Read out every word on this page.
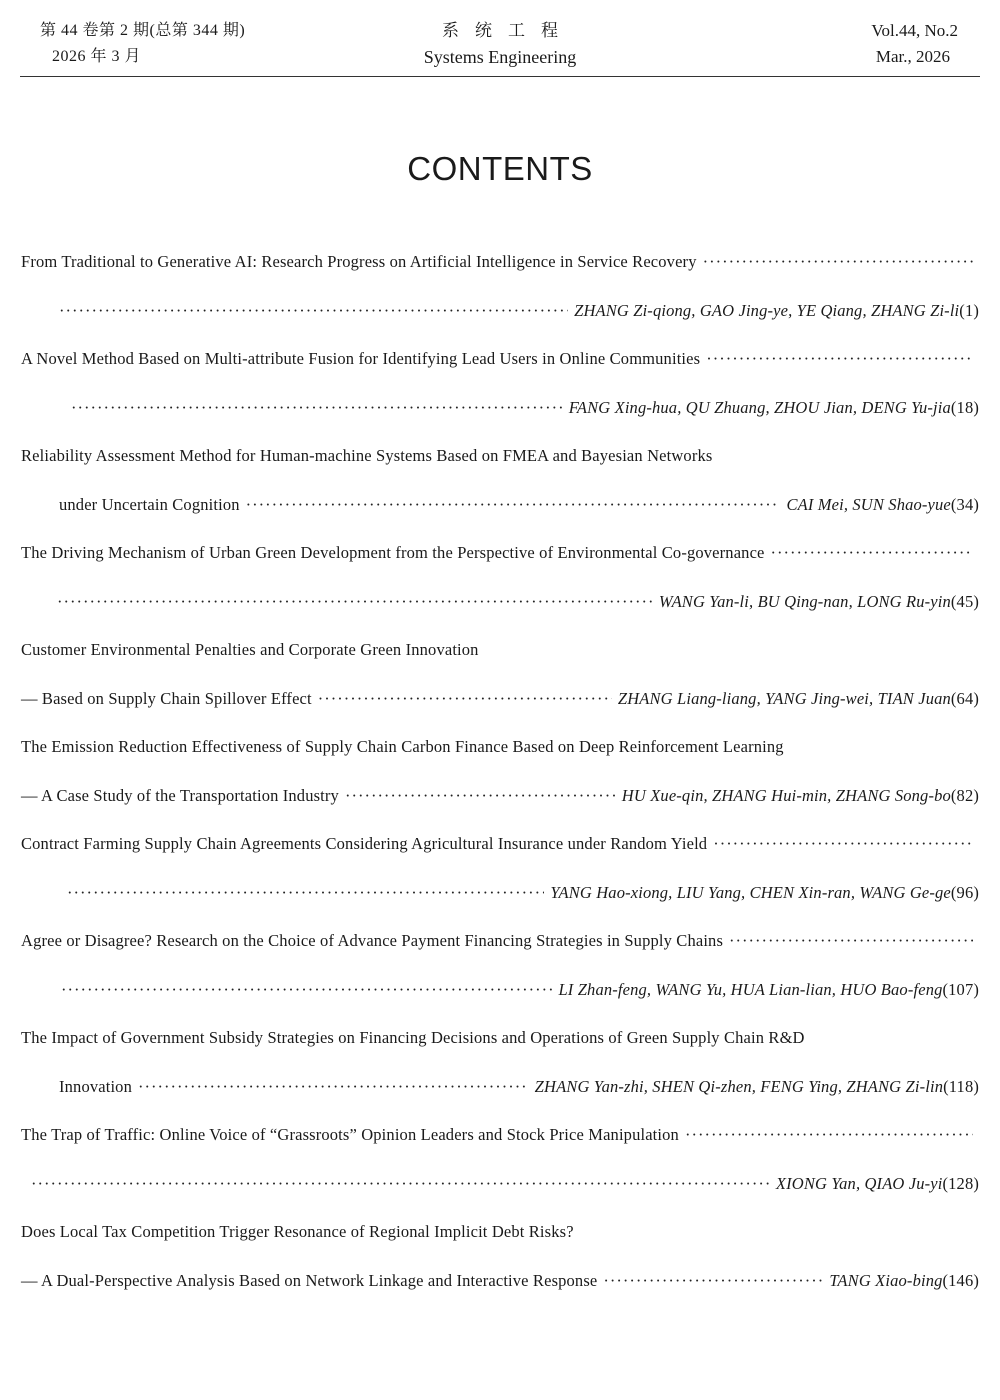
第 44 卷第 2 期(总第 344 期)
2026 年 3 月
系统工程
Systems Engineering
Vol.44, No.2
Mar., 2026
CONTENTS
From Traditional to Generative AI: Research Progress on Artificial Intelligence in Service Recovery
·····
·····
ZHANG Zi-qiong, GAO Jing-ye, YE Qiang, ZHANG Zi-li (1)
A Novel Method Based on Multi-attribute Fusion for Identifying Lead Users in Online Communities
·····
·····
FANG Xing-hua, QU Zhuang, ZHOU Jian, DENG Yu-jia (18)
Reliability Assessment Method for Human-machine Systems Based on FMEA and Bayesian Networks
under Uncertain Cognition ·····	CAI Mei, SUN Shao-yue (34)
The Driving Mechanism of Urban Green Development from the Perspective of Environmental Co-governance
·····
·····
WANG Yan-li, BU Qing-nan, LONG Ru-yin (45)
Customer Environmental Penalties and Corporate Green Innovation
— Based on Supply Chain Spillover Effect ·····	ZHANG Liang-liang, YANG Jing-wei, TIAN Juan (64)
The Emission Reduction Effectiveness of Supply Chain Carbon Finance Based on Deep Reinforcement Learning
— A Case Study of the Transportation Industry ·····	HU Xue-qin, ZHANG Hui-min, ZHANG Song-bo (82)
Contract Farming Supply Chain Agreements Considering Agricultural Insurance under Random Yield
·····
·····
YANG Hao-xiong, LIU Yang, CHEN Xin-ran, WANG Ge-ge (96)
Agree or Disagree? Research on the Choice of Advance Payment Financing Strategies in Supply Chains
·····
·····
LI Zhan-feng, WANG Yu, HUA Lian-lian, HUO Bao-feng (107)
The Impact of Government Subsidy Strategies on Financing Decisions and Operations of Green Supply Chain R&D
Innovation ·····	ZHANG Yan-zhi, SHEN Qi-zhen, FENG Ying, ZHANG Zi-lin (118)
The Trap of Traffic: Online Voice of “Grassroots” Opinion Leaders and Stock Price Manipulation
·····
·····
XIONG Yan, QIAO Ju-yi (128)
Does Local Tax Competition Trigger Resonance of Regional Implicit Debt Risks?
— A Dual-Perspective Analysis Based on Network Linkage and Interactive Response ·····	TANG Xiao-bing (146)
